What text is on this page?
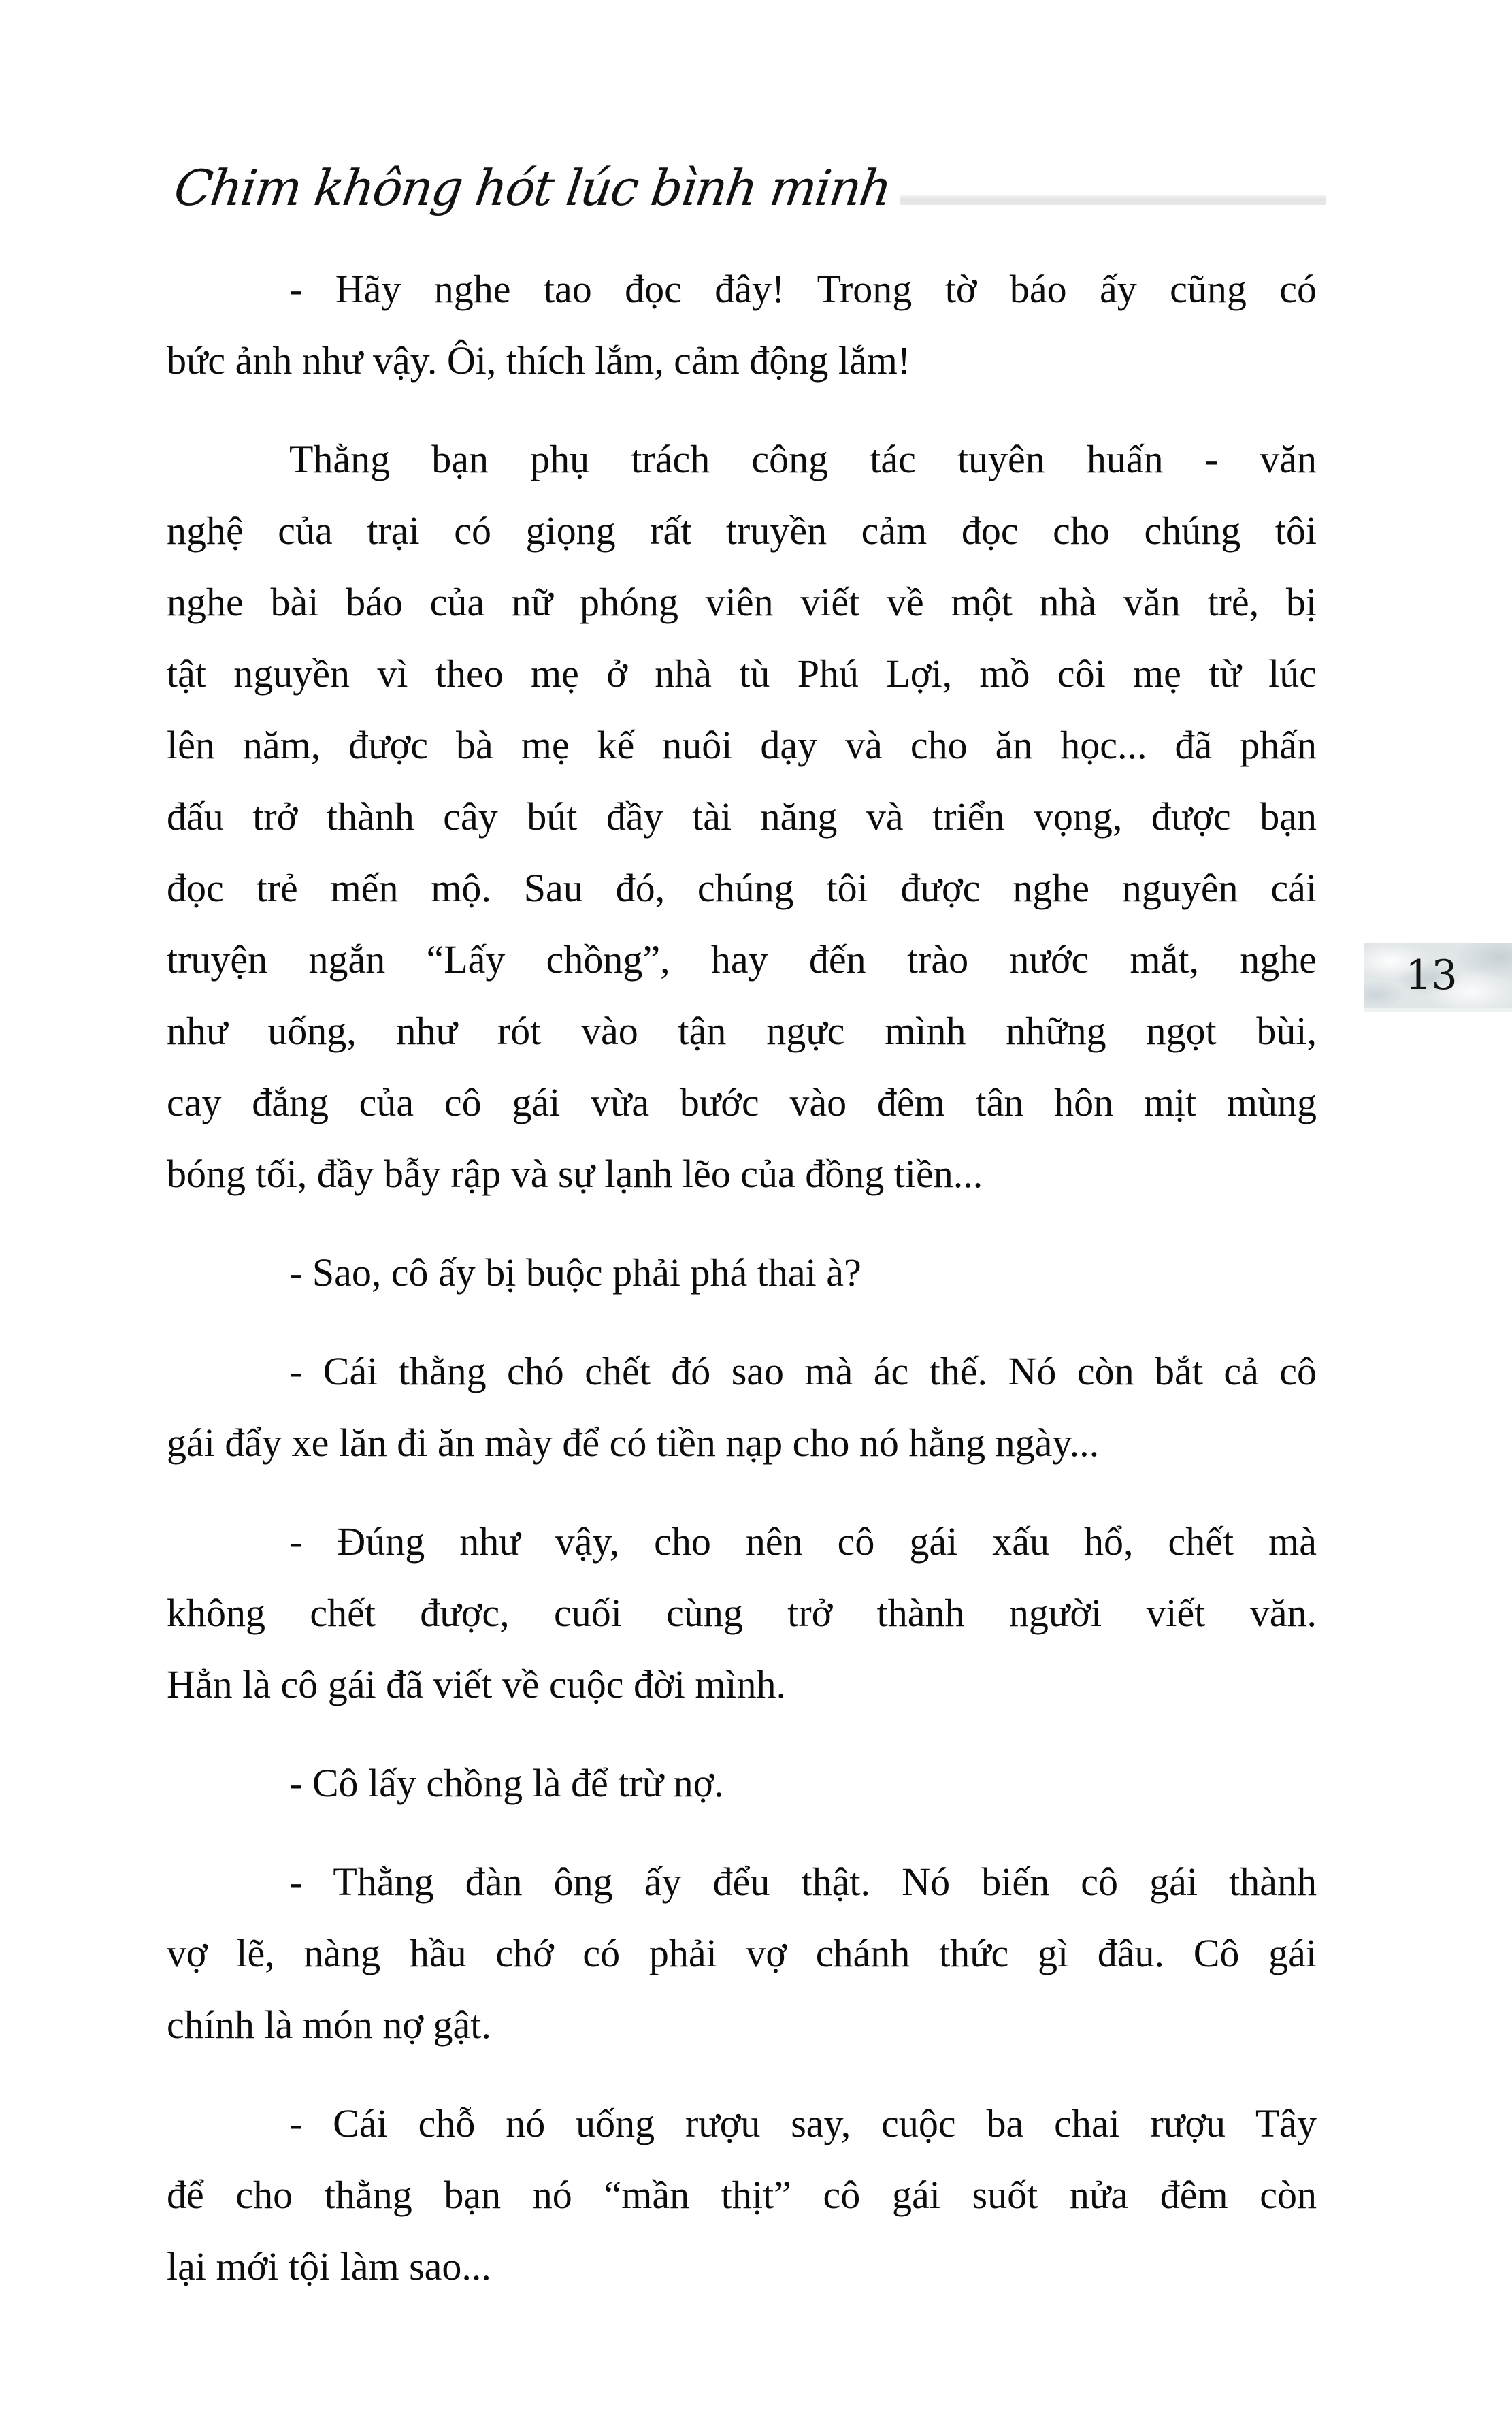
Chim không hót lúc bình minh
- Hãy nghe tao đọc đây! Trong tờ báo ấy cũng có
bức ảnh như vậy. Ôi, thích lắm, cảm động lắm!
Thằng bạn phụ trách công tác tuyên huấn - văn
nghệ của trại có giọng rất truyền cảm đọc cho chúng tôi
nghe bài báo của nữ phóng viên viết về một nhà văn trẻ, bị
tật nguyền vì theo mẹ ở nhà tù Phú Lợi, mồ côi mẹ từ lúc
lên năm, được bà mẹ kế nuôi dạy và cho ăn học... đã phấn
đấu trở thành cây bút đầy tài năng và triển vọng, được bạn
đọc trẻ mến mộ. Sau đó, chúng tôi được nghe nguyên cái
truyện ngắn “Lấy chồng”, hay đến trào nước mắt, nghe
như uống, như rót vào tận ngực mình những ngọt bùi,
cay đắng của cô gái vừa bước vào đêm tân hôn mịt mùng
bóng tối, đầy bẫy rập và sự lạnh lẽo của đồng tiền...
- Sao, cô ấy bị buộc phải phá thai à?
- Cái thằng chó chết đó sao mà ác thế. Nó còn bắt cả cô
gái đẩy xe lăn đi ăn mày để có tiền nạp cho nó hằng ngày...
- Đúng như vậy, cho nên cô gái xấu hổ, chết mà
không chết được, cuối cùng trở thành người viết văn.
Hẳn là cô gái đã viết về cuộc đời mình.
- Cô lấy chồng là để trừ nợ.
- Thằng đàn ông ấy đểu thật. Nó biến cô gái thành
vợ lẽ, nàng hầu chớ có phải vợ chánh thức gì đâu. Cô gái
chính là món nợ gật.
- Cái chỗ nó uống rượu say, cuộc ba chai rượu Tây
để cho thằng bạn nó “mần thịt” cô gái suốt nửa đêm còn
lại mới tội làm sao...
13
